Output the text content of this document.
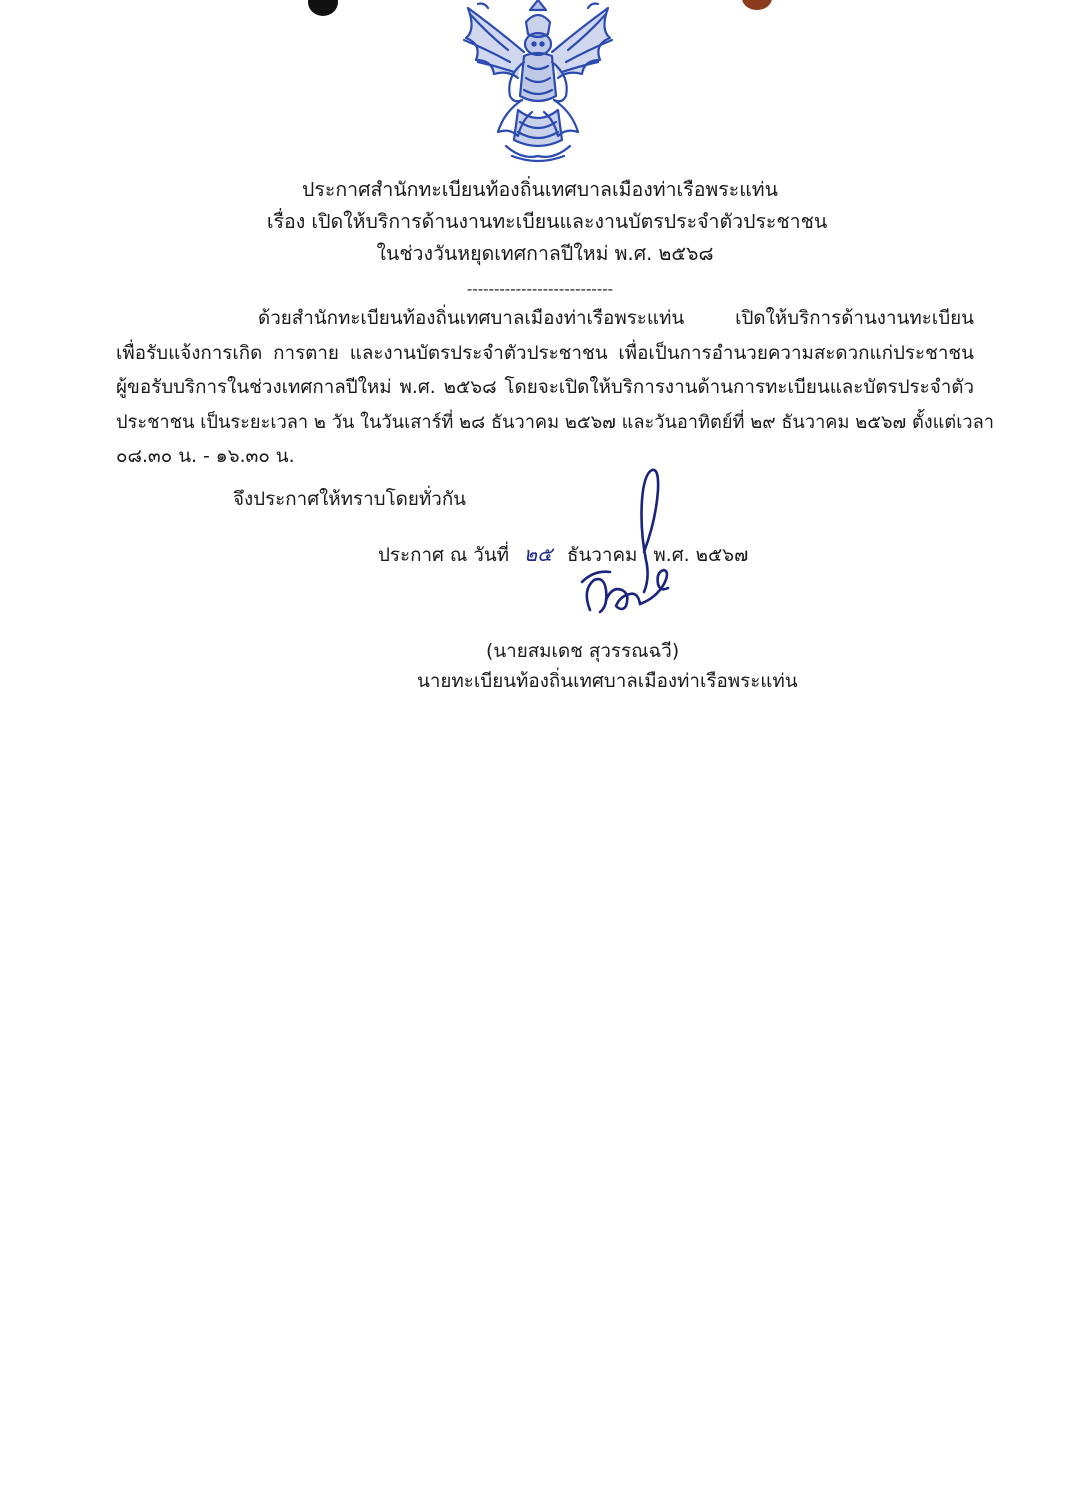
ประกาศสำนักทะเบียนท้องถิ่นเทศบาลเมืองท่าเรือพระแท่น
เรื่อง เปิดให้บริการด้านงานทะเบียนและงานบัตรประจำตัวประชาชน
ในช่วงวันหยุดเทศกาลปีใหม่ พ.ศ. ๒๕๖๘
---------------------------
ด้วยสำนักทะเบียนท้องถิ่นเทศบาลเมืองท่าเรือพระแท่น เปิดให้บริการด้านงานทะเบียน
เพื่อรับแจ้งการเกิด การตาย และงานบัตรประจำตัวประชาชน เพื่อเป็นการอำนวยความสะดวกแก่ประชาชน
ผู้ขอรับบริการในช่วงเทศกาลปีใหม่ พ.ศ. ๒๕๖๘ โดยจะเปิดให้บริการงานด้านการทะเบียนและบัตรประจำตัว
ประชาชน เป็นระยะเวลา ๒ วัน ในวันเสาร์ที่ ๒๘ ธันวาคม ๒๕๖๗ และวันอาทิตย์ที่ ๒๙ ธันวาคม ๒๕๖๗ ตั้งแต่เวลา
๐๘.๓๐ น. - ๑๖.๓๐ น.
จึงประกาศให้ทราบโดยทั่วกัน
ประกาศ ณ วันที่ ๒๕ ธันวาคม พ.ศ. ๒๕๖๗
(นายสมเดช สุวรรณฉวี)
นายทะเบียนท้องถิ่นเทศบาลเมืองท่าเรือพระแท่น
